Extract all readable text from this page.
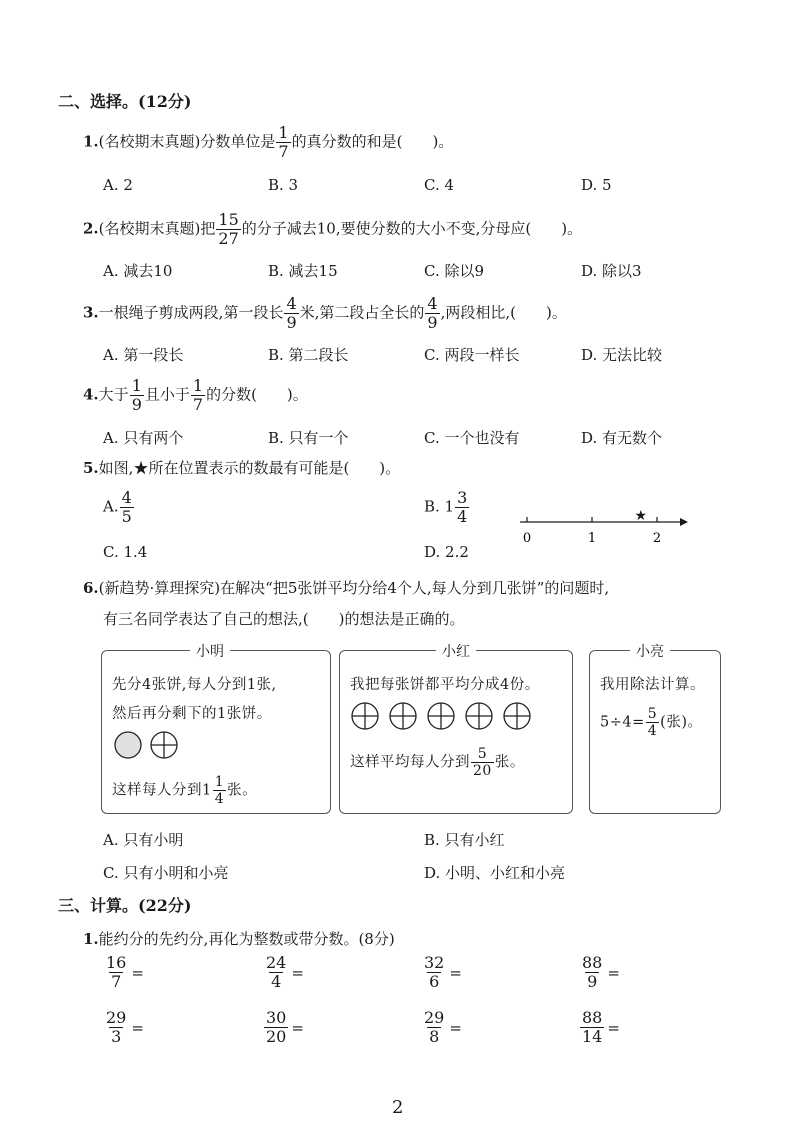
二、选择。(12分)
1.(名校期末真题)分数单位是 $\frac{1}{7}$ 的真分数的和是(　　)。
A. 2	B. 3	C. 4	D. 5
2.(名校期末真题)把 $\frac{15}{27}$ 的分子减去10,要使分数的大小不变,分母应(　　)。
A. 减去10	B. 减去15	C. 除以9	D. 除以3
3.一根绳子剪成两段,第一段长 $\frac{4}{9}$ 米,第二段占全长的 $\frac{4}{9}$ ,两段相比,(　　)。
A. 第一段长	B. 第二段长	C. 两段一样长	D. 无法比较
4.大于 $\frac{1}{9}$ 且小于 $\frac{1}{7}$ 的分数(　　)。
A. 只有两个	B. 只有一个	C. 一个也没有	D. 有无数个
5.如图,★所在位置表示的数最有可能是(　　)。
A. $\frac{4}{5}$	B. $1 \frac{3}{4}$
C. 1.4	D. 2.2
0	1	2
★
6.(新趋势·算理探究)在解决“把5张饼平均分给4个人,每人分到几张饼”的问题时,
有三名同学表达了自己的想法,(　　)的想法是正确的。
小明
先分4张饼,每人分到1张,
然后再分剩下的1张饼。
这样每人分到$1 \frac{1}{4}$ 张。
小红
我把每张饼都平均分成4份。
这样平均每人分到 $\frac{5}{20}$ 张。
小亮
我用除法计算。
$5\div 4= \frac{5}{4}$ (张)。
A. 只有小明	B. 只有小红
C. 只有小明和小亮	D. 小明、小红和小亮
三、计算。(22分)
1.能约分的先约分,再化为整数或带分数。(8分)
$\frac{16}{7}$ =	$\frac{24}{4}$ =	$\frac{32}{6}$ =	$\frac{88}{9}$ =
$\frac{29}{3}$ =	$\frac{30}{20}$ =	$\frac{29}{8}$ =	$\frac{88}{14}$ =
2
